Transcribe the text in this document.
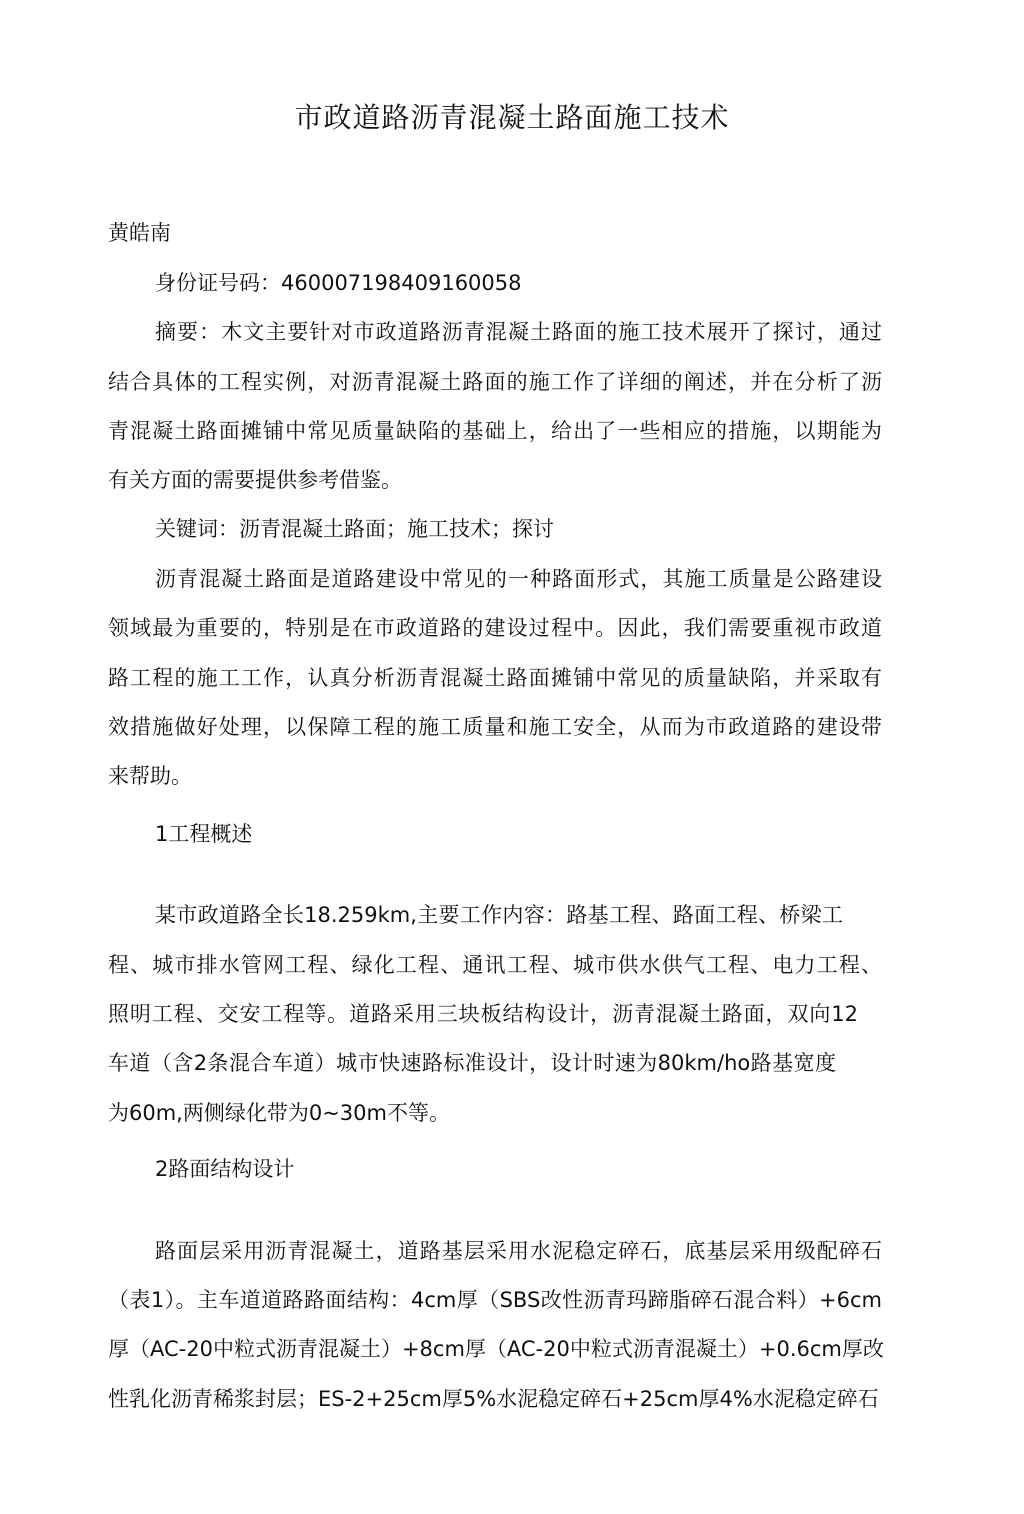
市政道路沥青混凝土路面施工技术
黄皓南
身份证号码：460007198409160058
摘要：木文主要针对市政道路沥青混凝土路面的施工技术展开了探讨，通过
结合具体的工程实例，对沥青混凝土路面的施工作了详细的阐述，并在分析了沥
青混凝土路面摊铺中常见质量缺陷的基础上，给出了一些相应的措施，以期能为
有关方面的需要提供参考借鉴。
关键词：沥青混凝土路面；施工技术；探讨
沥青混凝土路面是道路建设中常见的一种路面形式，其施工质量是公路建设
领域最为重要的，特别是在市政道路的建设过程中。因此，我们需要重视市政道
路工程的施工工作，认真分析沥青混凝土路面摊铺中常见的质量缺陷，并采取有
效措施做好处理，以保障工程的施工质量和施工安全，从而为市政道路的建设带
来帮助。
1工程概述
某市政道路全长18.259km,主要工作内容：路基工程、路面工程、桥梁工
程、城市排水管网工程、绿化工程、通讯工程、城市供水供气工程、电力工程、
照明工程、交安工程等。道路采用三块板结构设计，沥青混凝土路面，双向12
车道（含2条混合车道）城市快速路标准设计，设计时速为80km/ho路基宽度
为60m,两侧绿化带为0~30m不等。
2路面结构设计
路面层采用沥青混凝土，道路基层采用水泥稳定碎石，底基层采用级配碎石
（表1）。主车道道路路面结构：4cm厚（SBS改性沥青玛蹄脂碎石混合料）+6cm
厚（AC-20中粒式沥青混凝土）+8cm厚（AC-20中粒式沥青混凝土）+0.6cm厚改
性乳化沥青稀浆封层；ES-2+25cm厚5%水泥稳定碎石+25cm厚4%水泥稳定碎石
